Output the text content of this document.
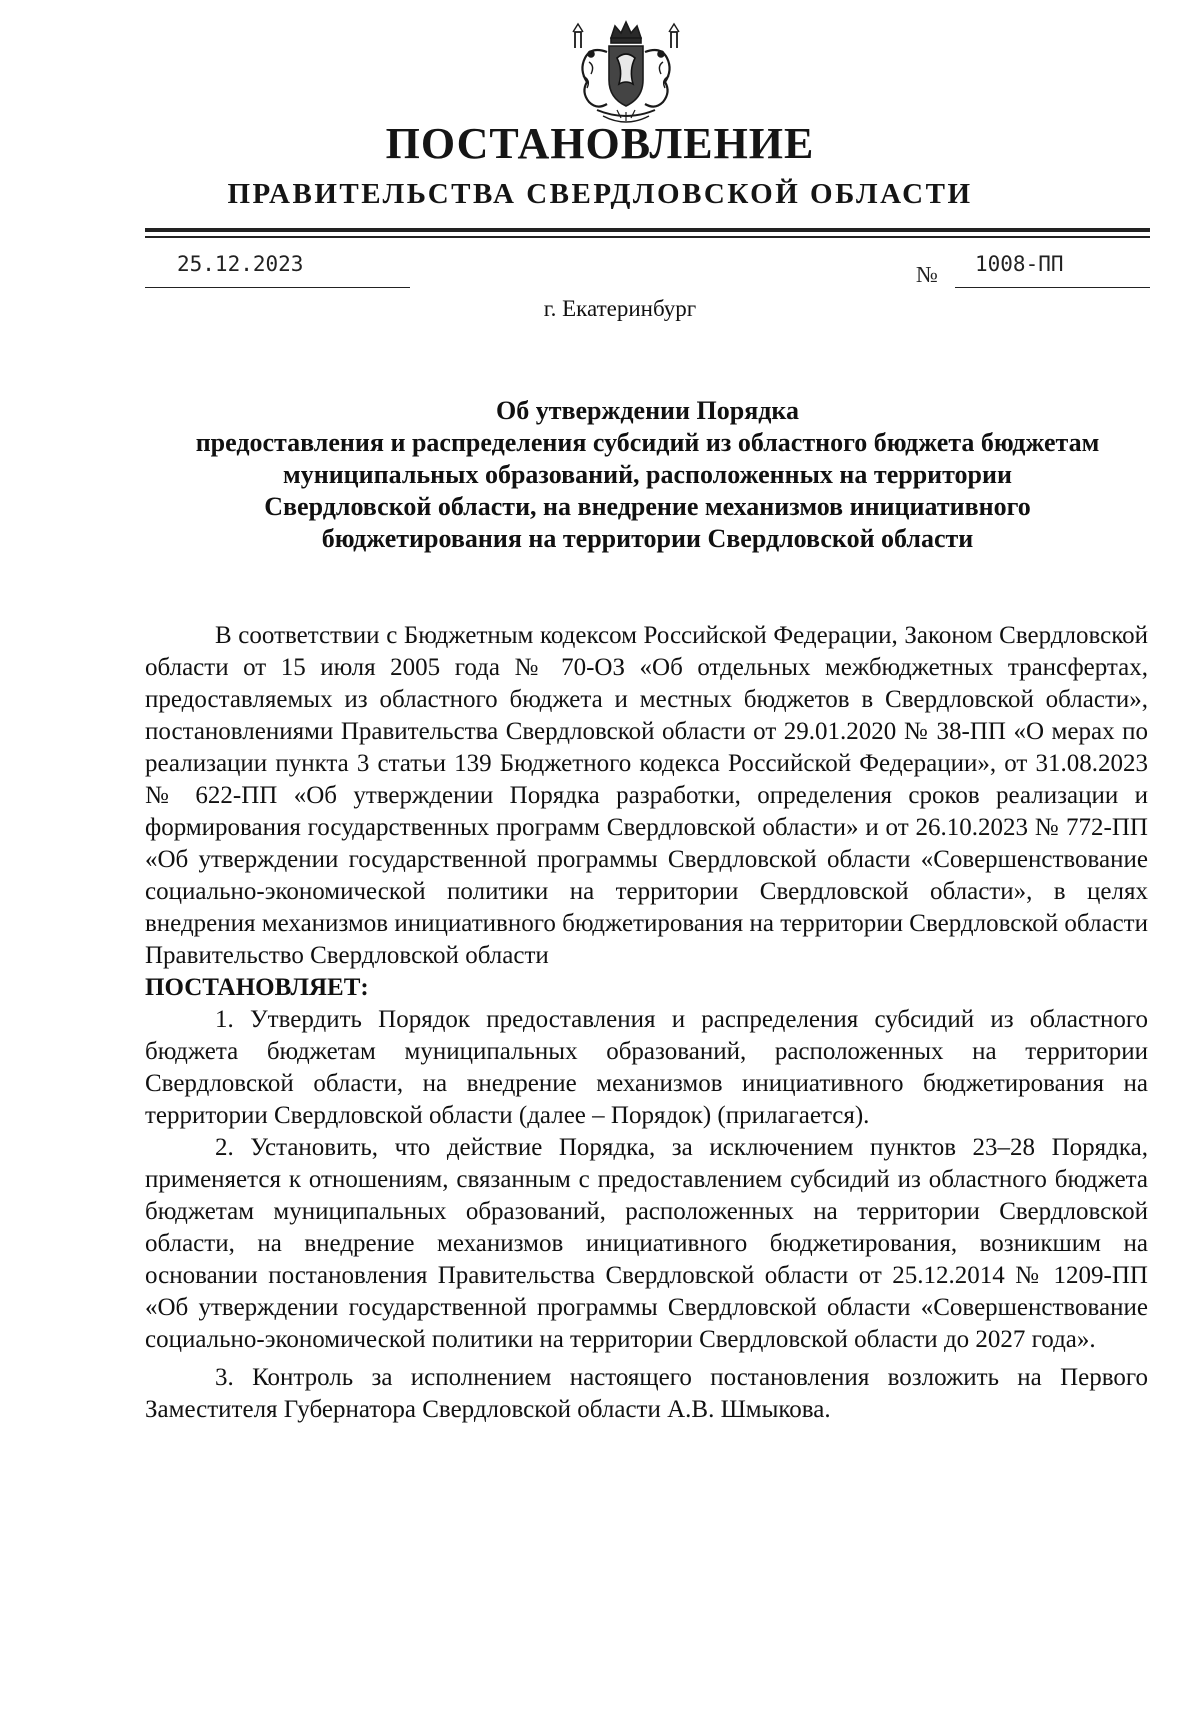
ПОСТАНОВЛЕНИЕ
ПРАВИТЕЛЬСТВА СВЕРДЛОВСКОЙ ОБЛАСТИ
25.12.2023	№ 1008-ПП
г. Екатеринбург
Об утверждении Порядка
предоставления и распределения субсидий из областного бюджета бюджетам
муниципальных образований, расположенных на территории
Свердловской области, на внедрение механизмов инициативного
бюджетирования на территории Свердловской области

В соответствии с Бюджетным кодексом Российской Федерации, Законом Свердловской области от 15 июля 2005 года № 70-ОЗ «Об отдельных межбюджетных трансфертах, предоставляемых из областного бюджета и местных бюджетов в Свердловской области», постановлениями Правительства Свердловской области от 29.01.2020 № 38-ПП «О мерах по реализации пункта 3 статьи 139 Бюджетного кодекса Российской Федерации», от 31.08.2023 № 622-ПП «Об утверждении Порядка разработки, определения сроков реализации и формирования государственных программ Свердловской области» и от 26.10.2023 № 772-ПП «Об утверждении государственной программы Свердловской области «Совершенствование социально-экономической политики на территории Свердловской области», в целях внедрения механизмов инициативного бюджетирования на территории Свердловской области

Правительство Свердловской области

ПОСТАНОВЛЯЕТ:

1. Утвердить Порядок предоставления и распределения субсидий из областного бюджета бюджетам муниципальных образований, расположенных на территории Свердловской области, на внедрение механизмов инициативного бюджетирования на территории Свердловской области (далее – Порядок) (прилагается).

2. Установить, что действие Порядка, за исключением пунктов 23–28 Порядка, применяется к отношениям, связанным с предоставлением субсидий из областного бюджета бюджетам муниципальных образований, расположенных на территории Свердловской области, на внедрение механизмов инициативного бюджетирования, возникшим на основании постановления Правительства Свердловской области от 25.12.2014 № 1209-ПП «Об утверждении государственной программы Свердловской области «Совершенствование социально-экономической политики на территории Свердловской области до 2027 года».

3. Контроль за исполнением настоящего постановления возложить на Первого Заместителя Губернатора Свердловской области А.В. Шмыкова.
